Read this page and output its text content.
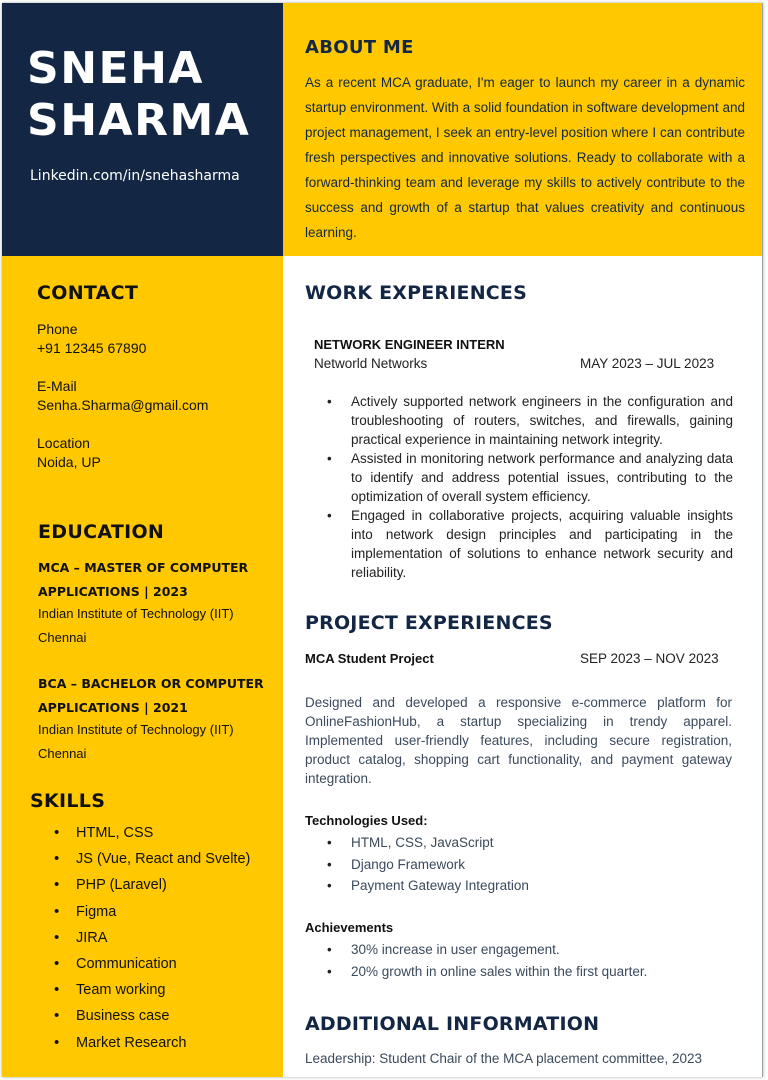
SNEHA
SHARMA
Linkedin.com/in/snehasharma
ABOUT ME
As a recent MCA graduate, I'm eager to launch my career in a dynamic startup environment. With a solid foundation in software development and project management, I seek an entry-level position where I can contribute fresh perspectives and innovative solutions. Ready to collaborate with a forward-thinking team and leverage my skills to actively contribute to the success and growth of a startup that values creativity and continuous learning.
CONTACT
Phone
+91 12345 67890
E-Mail
Senha.Sharma@gmail.com
Location
Noida, UP
EDUCATION
MCA – MASTER OF COMPUTER APPLICATIONS | 2023
Indian Institute of Technology (IIT) Chennai
BCA – BACHELOR OR COMPUTER APPLICATIONS | 2021
Indian Institute of Technology (IIT) Chennai
SKILLS
• HTML, CSS
• JS (Vue, React and Svelte)
• PHP (Laravel)
• Figma
• JIRA
• Communication
• Team working
• Business case
• Market Research
WORK EXPERIENCES
NETWORK ENGINEER INTERN
Networld Networks	MAY 2023 – JUL 2023
• Actively supported network engineers in the configuration and troubleshooting of routers, switches, and firewalls, gaining practical experience in maintaining network integrity.
• Assisted in monitoring network performance and analyzing data to identify and address potential issues, contributing to the optimization of overall system efficiency.
• Engaged in collaborative projects, acquiring valuable insights into network design principles and participating in the implementation of solutions to enhance network security and reliability.
PROJECT EXPERIENCES
MCA Student Project	SEP 2023 – NOV 2023
Designed and developed a responsive e-commerce platform for OnlineFashionHub, a startup specializing in trendy apparel. Implemented user-friendly features, including secure registration, product catalog, shopping cart functionality, and payment gateway integration.
Technologies Used:
• HTML, CSS, JavaScript
• Django Framework
• Payment Gateway Integration
Achievements
• 30% increase in user engagement.
• 20% growth in online sales within the first quarter.
ADDITIONAL INFORMATION
Leadership: Student Chair of the MCA placement committee, 2023
